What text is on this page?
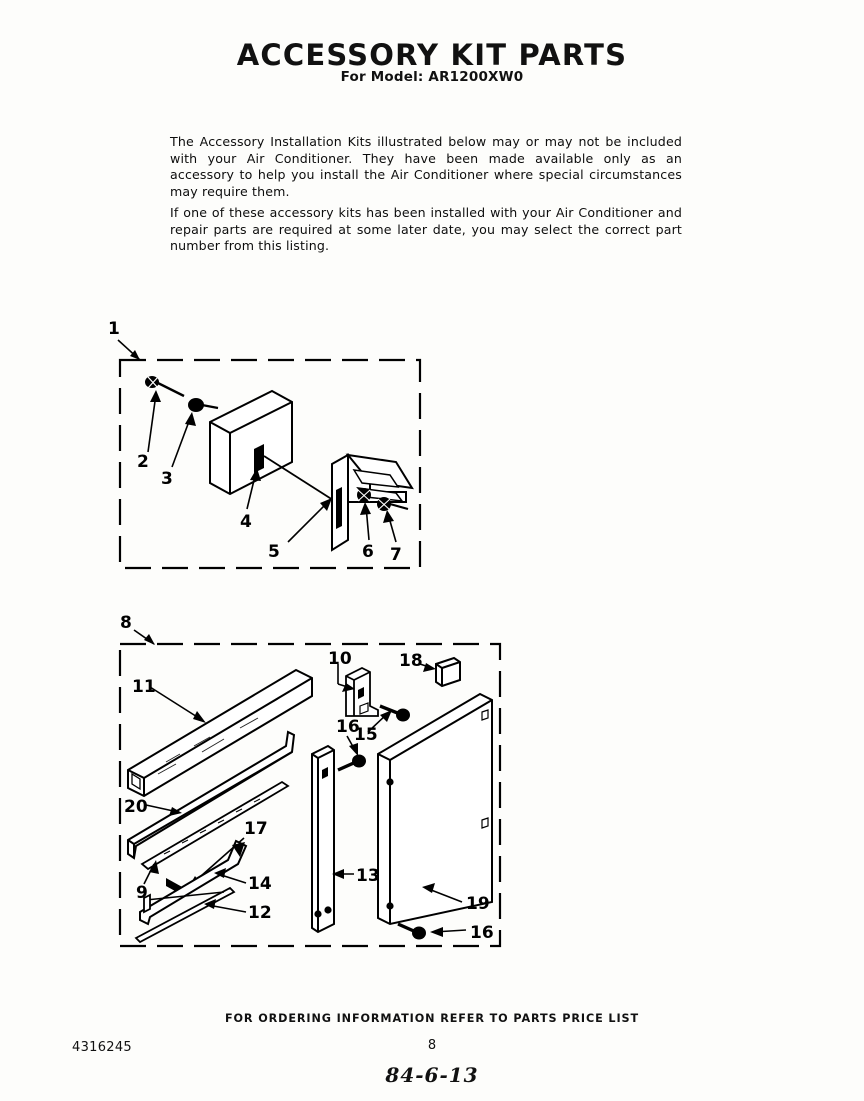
ACCESSORY KIT PARTS
For Model: AR1200XW0
The Accessory Installation Kits illustrated below may or may not be included with your Air Conditioner. They have been made available only as an accessory to help you install the Air Conditioner where special circumstances may require them.
If one of these accessory kits has been installed with your Air Conditioner and repair parts are required at some later date, you may select the correct part number from this listing.
1
2
3
4
5	6 7
8
11
10	18
15
16
20
17
9	14
12
13
19
16
FOR ORDERING INFORMATION REFER TO PARTS PRICE LIST
4316245	8
84-6-13
